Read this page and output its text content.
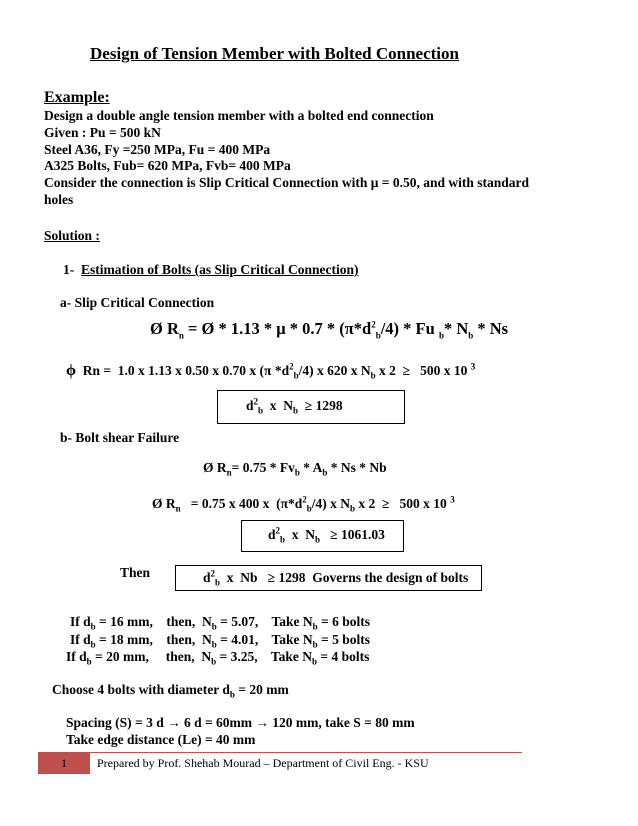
Design of Tension Member with Bolted Connection
Example:
Design a double angle tension member with a bolted end connection
Given : Pu = 500 kN
Steel A36, Fy =250 MPa, Fu = 400 MPa
A325 Bolts, Fub= 620 MPa, Fvb= 400 MPa
Consider the connection is Slip Critical Connection with μ = 0.50, and with standard
holes
Solution :
1- Estimation of Bolts (as Slip Critical Connection)
a- Slip Critical Connection
Ø $R_n$ = Ø * 1.13 * μ * $0.7 * (\pi*d^2_b/4)$ * Fu $_b$* $N_b$ * Ns
ϕ  Rn =  1.0 x 1.13 x 0.50 x 0.70 x (π $*d^2_b/4$) x 620 x $N_b$ x 2  ≥   500 x 10 $^3$
$d^2_b$  x  $N_b \ge 1298$
b- Bolt shear Failure
Ø $R_n= 0.75 * Fv_b * A_b * Ns * Nb$
Ø $R_n = 0.75$ x 400 x  $(\pi*d^2_b/4)$ x $N_b$ x 2  ≥   500 x 10 $^3$
$d^2_b$  x  $N_b \ge 1061.03$
Then	$d^2_b$  x  Nb   ≥ 1298  Governs the design of bolts
If $d_b = 16$ mm,    then,  $N_b = 5.07$,    Take $N_b = 6$ bolts
If $d_b = 18$ mm,    then,  $N_b = 4.01$,    Take $N_b = 5$ bolts
If $d_b = 20$ mm,     then,  $N_b = 3.25$,    Take $N_b = 4$ bolts
Choose 4 bolts with diameter $d_b = 20$ mm
Spacing (S) = 3 d → 6 d = 60mm → 120 mm, take S = 80 mm
Take edge distance (Le) = 40 mm
1	Prepared by Prof. Shehab Mourad – Department of Civil Eng. - KSU
